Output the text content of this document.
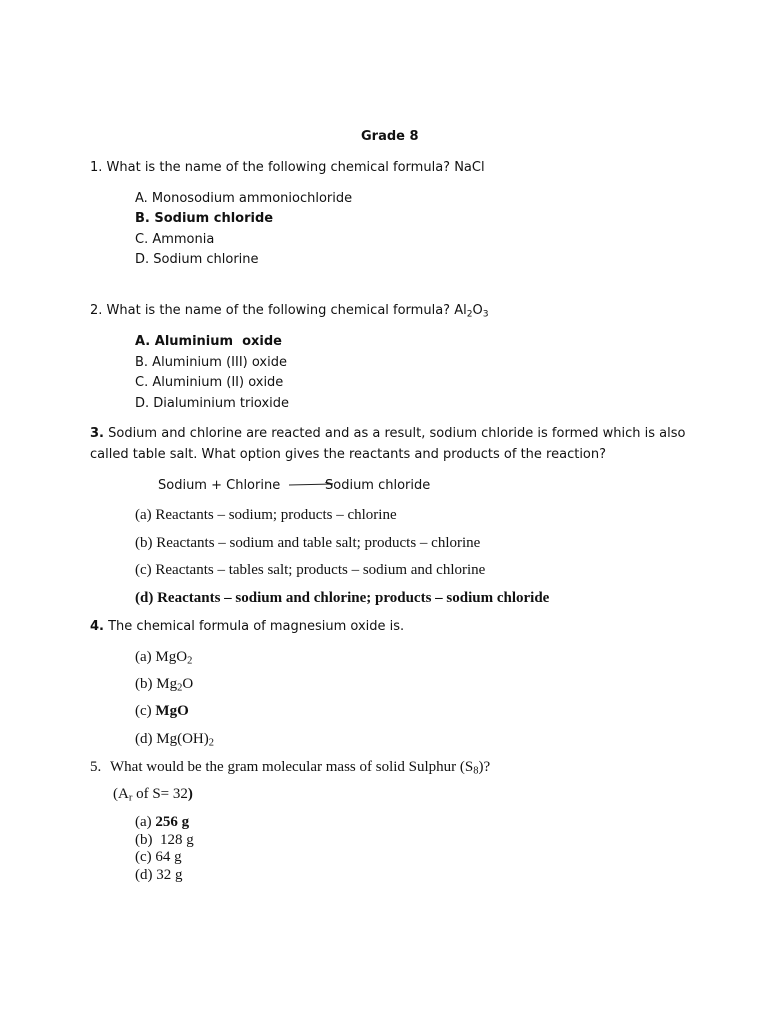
Grade 8
1. What is the name of the following chemical formula? NaCl
A. Monosodium ammoniochloride
B. Sodium chloride
C. Ammonia
D. Sodium chlorine
2. What is the name of the following chemical formula? $Al_2O_3$
A. Aluminium  oxide
B. Aluminium (III) oxide
C. Aluminium (II) oxide
D. Dialuminium trioxide
3. Sodium and chlorine are reacted and as a result, sodium chloride is formed which is also
called table salt. What option gives the reactants and products of the reaction?
Sodium + Chlorine →
Sodium chloride
(a) Reactants – sodium; products – chlorine
(b) Reactants – sodium and table salt; products – chlorine
(c) Reactants – tables salt; products – sodium and chlorine
(d) Reactants – sodium and chlorine; products – sodium chloride
4. The chemical formula of magnesium oxide is.
(a) MgO$_2$
(b) $Mg_2O$
(c) MgO
(d) $Mg(OH)_2$
5. What would be the gram molecular mass of solid Sulphur $(S_8)$?
($A_r$ of S= 32)
(a) 256 g
(b)  128 g
(c) 64 g
(d) 32 g
